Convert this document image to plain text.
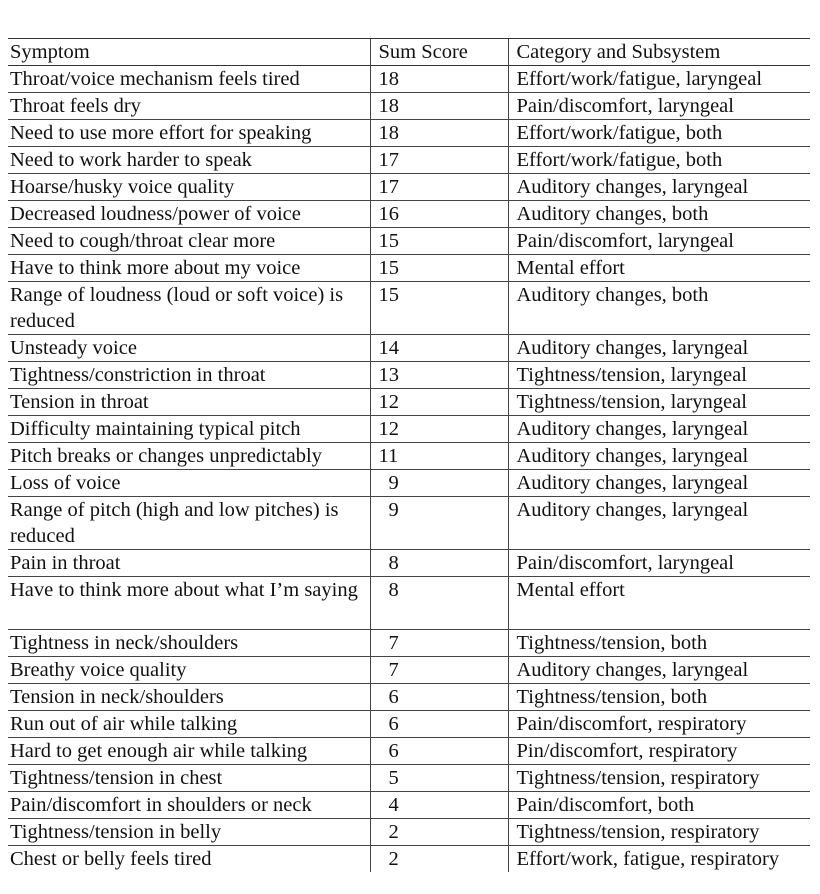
Symptom	Sum Score	Category and Subsystem
Throat/voice mechanism feels tired	18	Effort/work/fatigue, laryngeal
Throat feels dry	18	Pain/discomfort, laryngeal
Need to use more effort for speaking	18	Effort/work/fatigue, both
Need to work harder to speak	17	Effort/work/fatigue, both
Hoarse/husky voice quality	17	Auditory changes, laryngeal
Decreased loudness/power of voice	16	Auditory changes, both
Need to cough/throat clear more	15	Pain/discomfort, laryngeal
Have to think more about my voice	15	Mental effort
Range of loudness (loud or soft voice) is reduced	15	Auditory changes, both
Unsteady voice	14	Auditory changes, laryngeal
Tightness/constriction in throat	13	Tightness/tension, laryngeal
Tension in throat	12	Tightness/tension, laryngeal
Difficulty maintaining typical pitch	12	Auditory changes, laryngeal
Pitch breaks or changes unpredictably	11	Auditory changes, laryngeal
Loss of voice	9	Auditory changes, laryngeal
Range of pitch (high and low pitches) is reduced	9	Auditory changes, laryngeal
Pain in throat	8	Pain/discomfort, laryngeal
Have to think more about what I’m saying	8	Mental effort
Tightness in neck/shoulders	7	Tightness/tension, both
Breathy voice quality	7	Auditory changes, laryngeal
Tension in neck/shoulders	6	Tightness/tension, both
Run out of air while talking	6	Pain/discomfort, respiratory
Hard to get enough air while talking	6	Pin/discomfort, respiratory
Tightness/tension in chest	5	Tightness/tension, respiratory
Pain/discomfort in shoulders or neck	4	Pain/discomfort, both
Tightness/tension in belly	2	Tightness/tension, respiratory
Chest or belly feels tired	2	Effort/work, fatigue, respiratory
